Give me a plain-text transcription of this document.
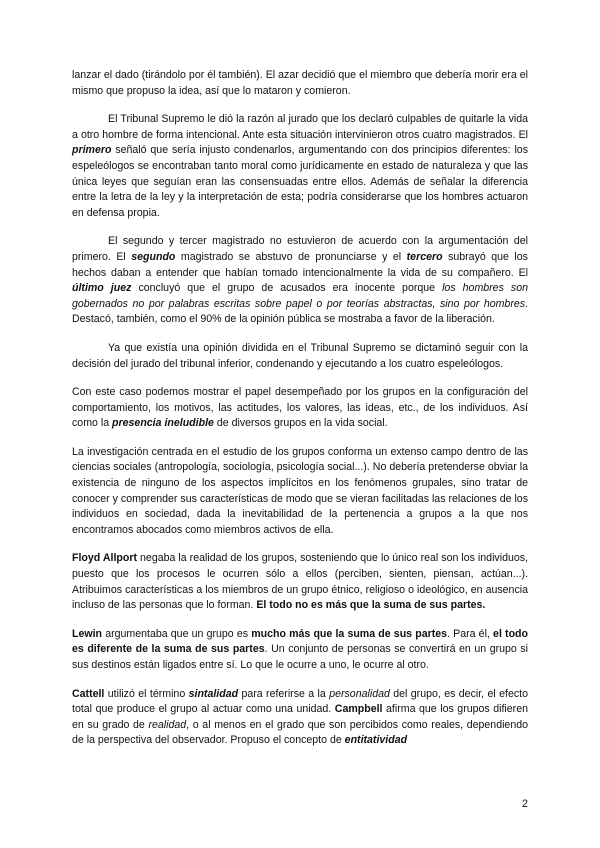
lanzar el dado (tirándolo por él también). El azar decidió que el miembro que debería morir era el mismo que propuso la idea, así que lo mataron y comieron.

El Tribunal Supremo le dió la razón al jurado que los declaró culpables de quitarle la vida a otro hombre de forma intencional. Ante esta situación intervinieron otros cuatro magistrados. El primero señaló que sería injusto condenarlos, argumentando con dos principios diferentes: los espeleólogos se encontraban tanto moral como jurídicamente en estado de naturaleza y que las única leyes que seguían eran las consensuadas entre ellos. Además de señalar la diferencia entre la letra de la ley y la interpretación de esta; podría considerarse que los hombres actuaron en defensa propia.

El segundo y tercer magistrado no estuvieron de acuerdo con la argumentación del primero. El segundo magistrado se abstuvo de pronunciarse y el tercero subrayó que los hechos daban a entender que habían tomado intencionalmente la vida de su compañero. El último juez concluyó que el grupo de acusados era inocente porque los hombres son gobernados no por palabras escritas sobre papel o por teorías abstractas, sino por hombres. Destacó, también, como el 90% de la opinión pública se mostraba a favor de la liberación.

Ya que existía una opinión dividida en el Tribunal Supremo se dictaminó seguir con la decisión del jurado del tribunal inferior, condenando y ejecutando a los cuatro espeleólogos.

Con este caso podemos mostrar el papel desempeñado por los grupos en la configuración del comportamiento, los motivos, las actitudes, los valores, las ideas, etc., de los individuos. Así como la presencia ineludible de diversos grupos en la vida social.

La investigación centrada en el estudio de los grupos conforma un extenso campo dentro de las ciencias sociales (antropología, sociología, psicología social...). No debería pretenderse obviar la existencia de ninguno de los aspectos implícitos en los fenómenos grupales, sino tratar de conocer y comprender sus características de modo que se vieran facilitadas las relaciones de los individuos en sociedad, dada la inevitabilidad de la pertenencia a grupos a la que nos encontramos abocados como miembros activos de ella.

Floyd Allport negaba la realidad de los grupos, sosteniendo que lo único real son los individuos, puesto que los procesos le ocurren sólo a ellos (perciben, sienten, piensan, actúan...). Atribuimos características a los miembros de un grupo étnico, religioso o ideológico, en ausencia incluso de las personas que lo forman. El todo no es más que la suma de sus partes.

Lewin argumentaba que un grupo es mucho más que la suma de sus partes. Para él, el todo es diferente de la suma de sus partes. Un conjunto de personas se convertirá en un grupo si sus destinos están ligados entre sí. Lo que le ocurre a uno, le ocurre al otro.

Cattell utilizó el término sintalidad para referirse a la personalidad del grupo, es decir, el efecto total que produce el grupo al actuar como una unidad. Campbell afirma que los grupos difieren en su grado de realidad, o al menos en el grado que son percibidos como reales, dependiendo de la perspectiva del observador. Propuso el concepto de entitatividad

2
